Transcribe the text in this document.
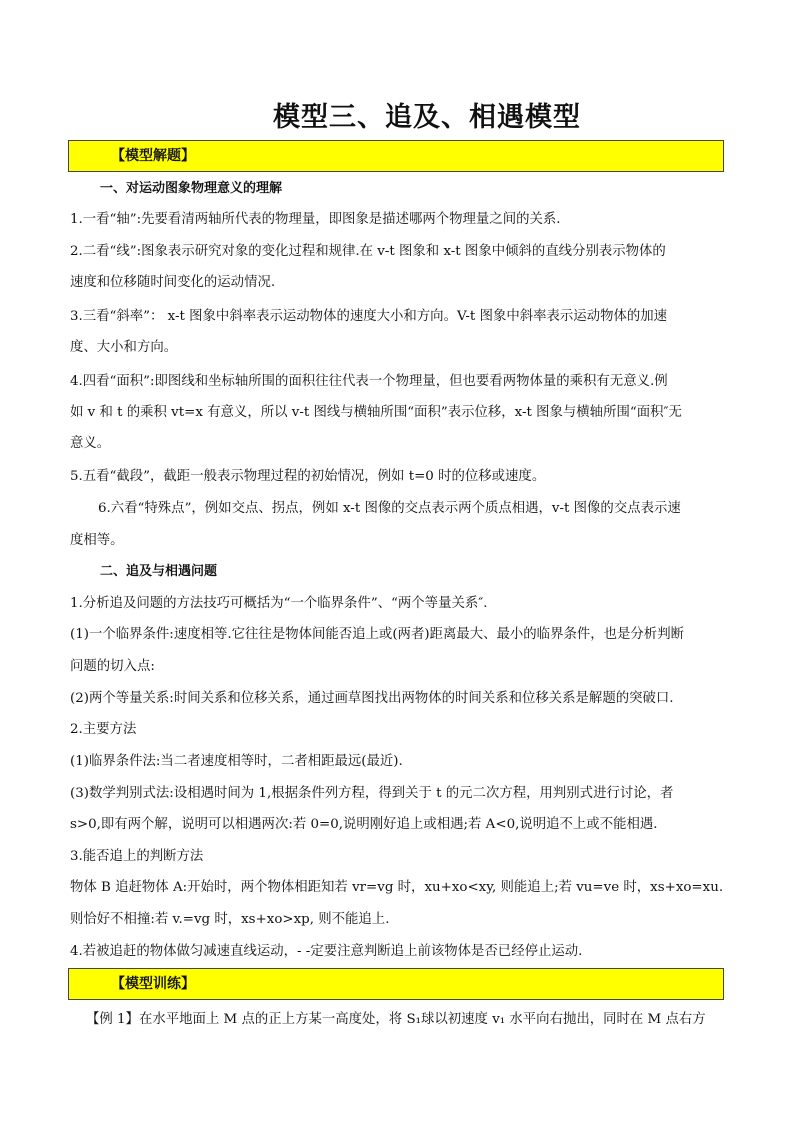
模型三、追及、相遇模型
【模型解题】
一、对运动图象物理意义的理解
1.一看“轴”:先要看清两轴所代表的物理量，即图象是描述哪两个物理量之间的关系.
2.二看“线”:图象表示研究对象的变化过程和规律.在 v-t 图象和 x-t 图象中倾斜的直线分别表示物体的
速度和位移随时间变化的运动情况.
3.三看“斜率”： x-t 图象中斜率表示运动物体的速度大小和方向。V-t 图象中斜率表示运动物体的加速
度、大小和方向。
4.四看“面积”:即图线和坐标轴所围的面积往往代表一个物理量，但也要看两物体量的乘积有无意义.例
如 v 和 t 的乘积 vt=x 有意义，所以 v-t 图线与横轴所围“面积”表示位移，x-t 图象与横轴所围“面积″无
意义。
5.五看“截段”，截距一般表示物理过程的初始情况，例如 t=0 时的位移或速度。
6.六看“特殊点”，例如交点、拐点，例如 x-t 图像的交点表示两个质点相遇，v-t 图像的交点表示速
度相等。
二、追及与相遇问题
1.分析追及问题的方法技巧可概括为“一个临界条件”、“两个等量关系″.
(1)一个临界条件:速度相等.它往往是物体间能否追上或(两者)距离最大、最小的临界条件，也是分析判断
问题的切入点:
(2)两个等量关系:时间关系和位移关系，通过画草图找出两物体的时间关系和位移关系是解题的突破口.
2.主要方法
(1)临界条件法:当二者速度相等时，二者相距最远(最近).
(3)数学判别式法:设相遇时间为 1,根据条件列方程，得到关于 t 的元二次方程，用判别式进行讨论，者
s>0,即有两个解，说明可以相遇两次:若 0=0,说明刚好追上或相遇;若 A<0,说明追不上或不能相遇.
3.能否追上的判断方法
物体 B 追赶物体 A:开始时，两个物体相距知若 vr=vg 时，xu+xo<xy, 则能追上;若 vu=ve 时，xs+xo=xu.
则恰好不相撞:若 v.=vg 时，xs+xo>xp, 则不能追上.
4.若被追赶的物体做匀减速直线运动，- -定要注意判断追上前该物体是否已经停止运动.
【模型训练】
【例 1】在水平地面上 M 点的正上方某一高度处，将 S₁球以初速度 v₁ 水平向右抛出，同时在 M 点右方
